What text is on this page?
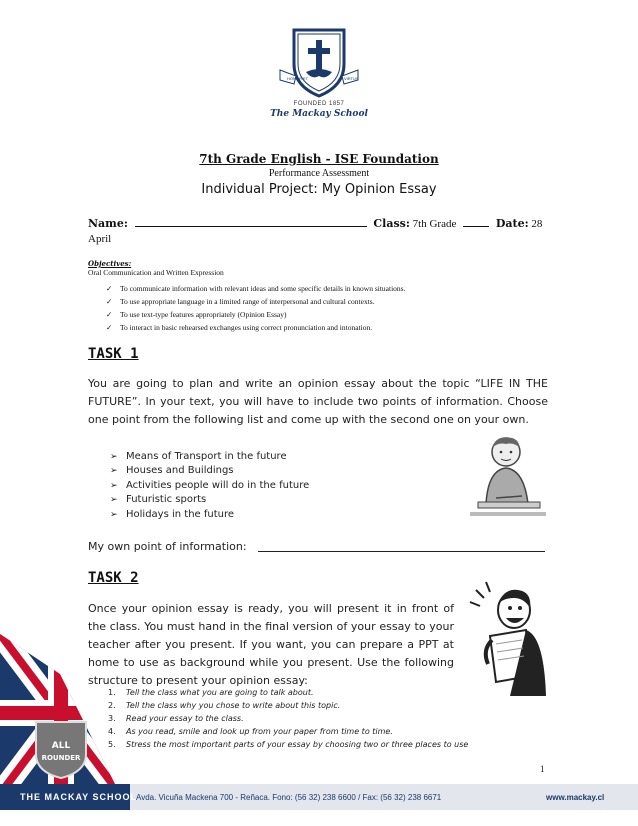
HONOR ET	VIRTUS
FOUNDED 1857
The Mackay School
7th Grade English - ISE Foundation
Performance Assessment
Individual Project: My Opinion Essay
Name:	Class: 7th Grade	Date: 28
April
Objectives:
Oral Communication and Written Expression
✓ To communicate information with relevant ideas and some specific details in known situations.
✓ To use appropriate language in a limited range of interpersonal and cultural contexts.
✓ To use text-type features appropriately (Opinion Essay)
✓ To interact in basic rehearsed exchanges using correct pronunciation and intonation.
TASK 1
You are going to plan and write an opinion essay about the topic “LIFE IN THE FUTURE”. In your text, you will have to include two points of information. Choose one point from the following list and come up with the second one on your own.
➢ Means of Transport in the future
➢ Houses and Buildings
➢ Activities people will do in the future
➢ Futuristic sports
➢ Holidays in the future
My own point of information:
TASK 2
Once your opinion essay is ready, you will present it in front of the class. You must hand in the final version of your essay to your teacher after you present. If you want, you can prepare a PPT at home to use as background while you present. Use the following structure to present your opinion essay:
1. Tell the class what you are going to talk about.
2. Tell the class why you chose to write about this topic.
3. Read your essay to the class.
4. As you read, smile and look up from your paper from time to time.
5. Stress the most important parts of your essay by choosing two or three places to use
1
ALL
ROUNDER
THE MACKAY SCHOOL
Avda. Vicuña Mackena 700 - Reñaca. Fono: (56 32) 238 6600 / Fax: (56 32) 238 6671	www.mackay.cl
